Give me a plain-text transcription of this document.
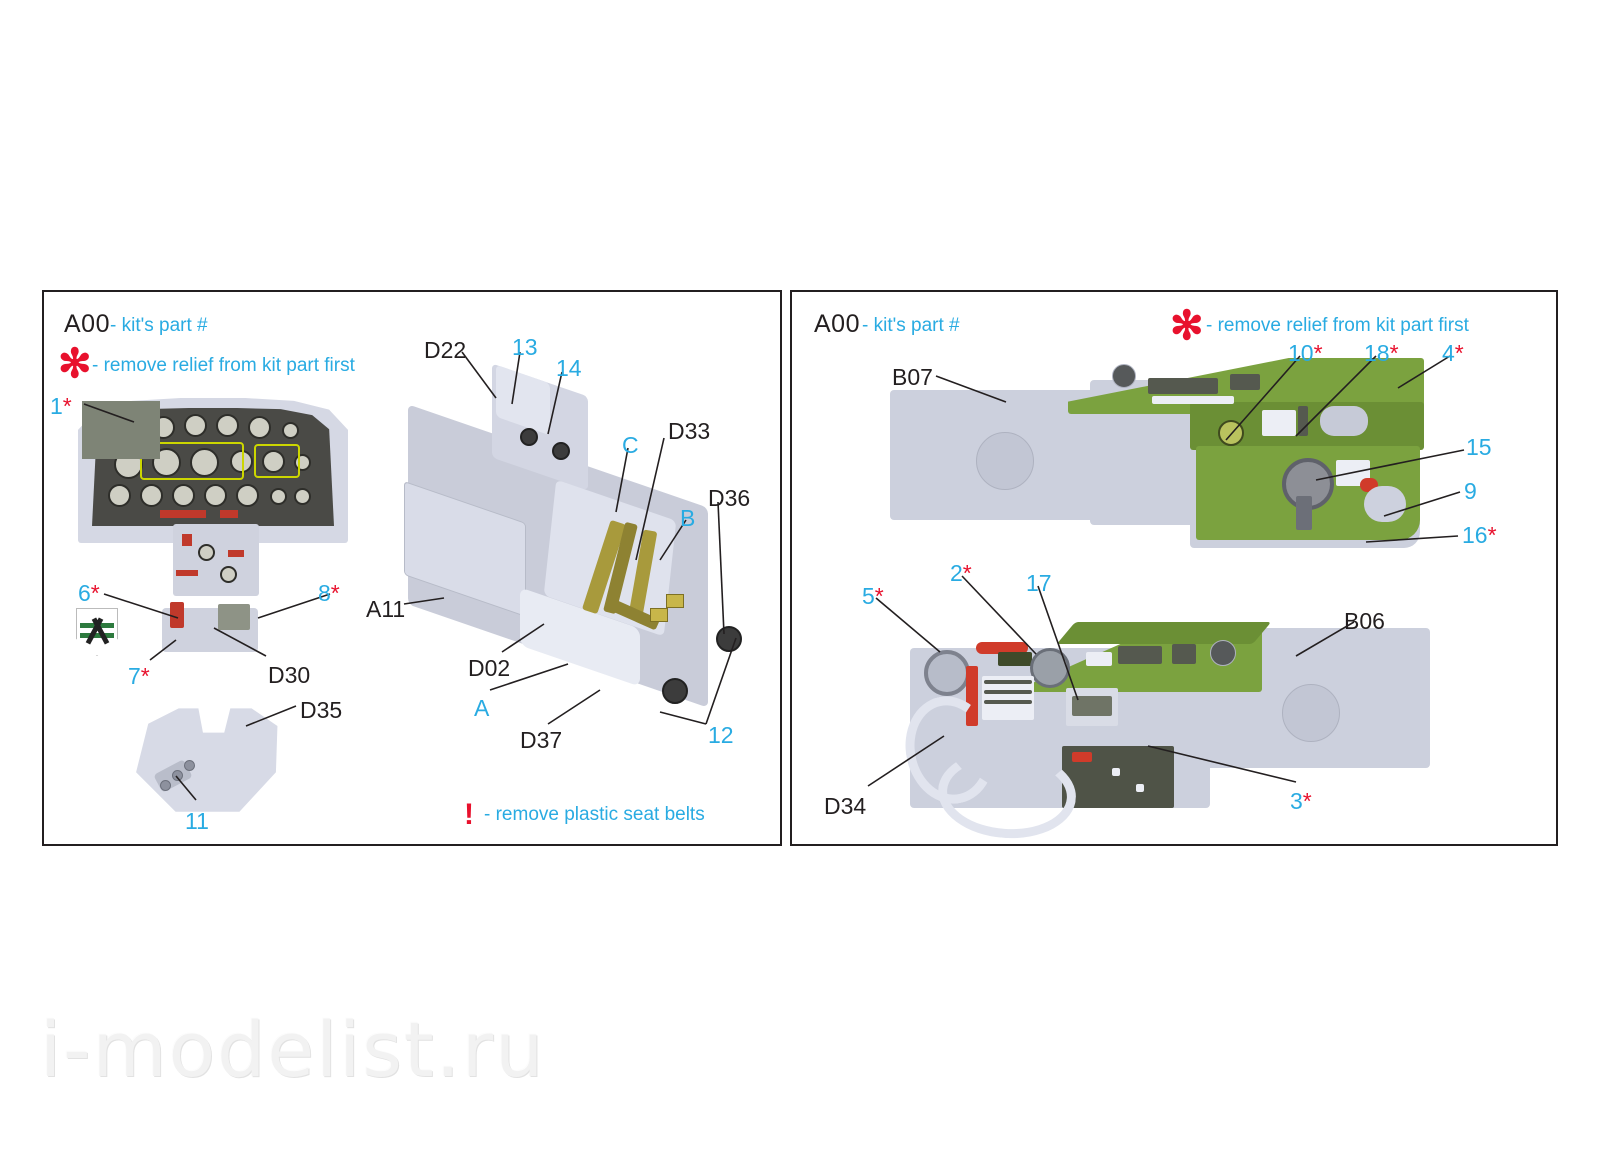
A00 - kit's part #
✻ - remove relief from kit part first
! - remove plastic seat belts
A00 - kit's part #	✻ - remove relief from kit part first
1*
6*	8*
7*	D30
D35
11
D22 13
14
C
D33
B
D36
A11
D02
A
D37	12
B07
10* 18* 4*
15
9
16*
5*
2* 17
B06
D34	3*
i-modelist.ru
